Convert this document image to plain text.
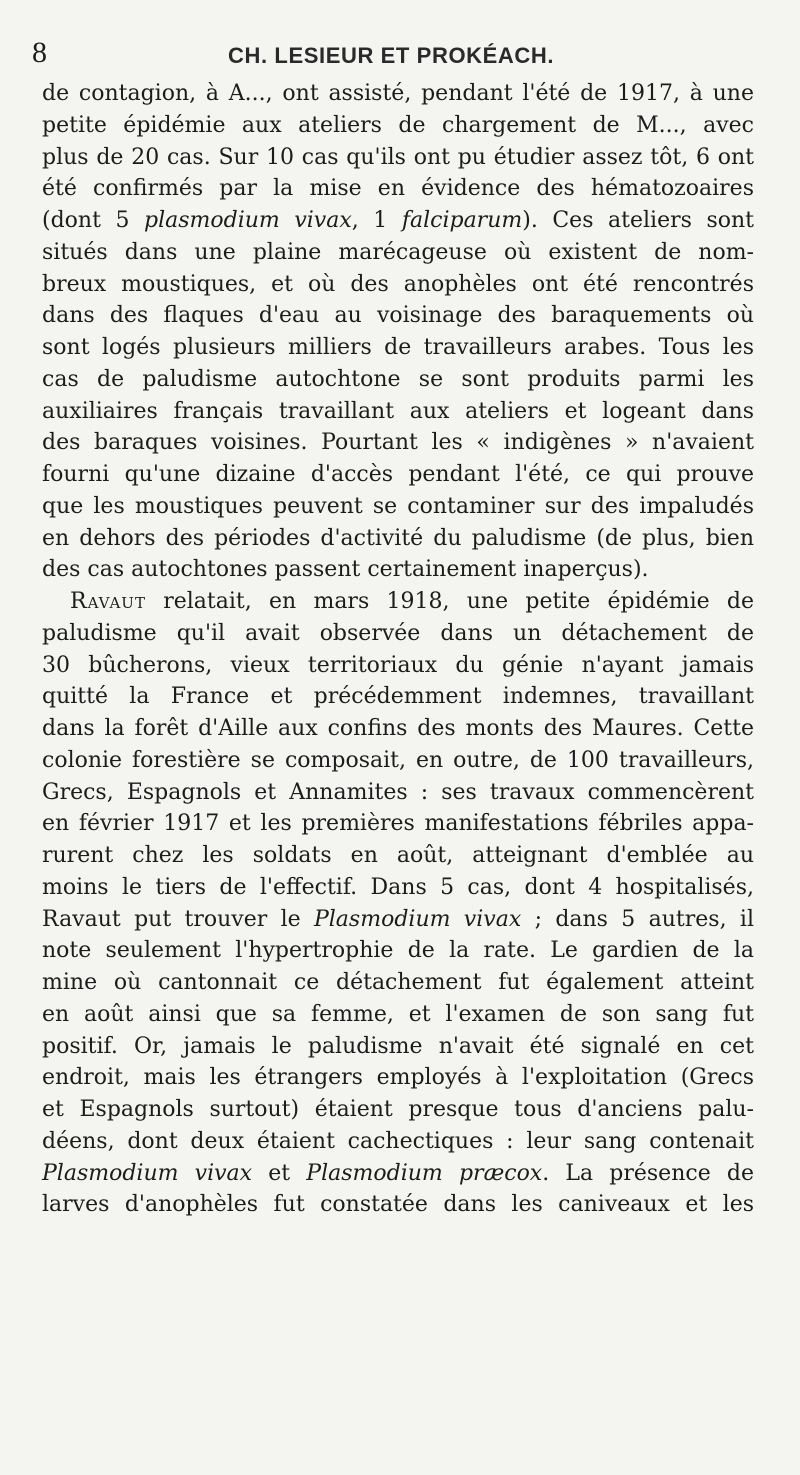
8	CH. LESIEUR ET PROKÉACH.

de contagion, à A..., ont assisté, pendant l'été de 1917, à une
petite épidémie aux ateliers de chargement de M..., avec
plus de 20 cas. Sur 10 cas qu'ils ont pu étudier assez tôt, 6 ont
été confirmés par la mise en évidence des hématozoaires
(dont 5 plasmodium vivax, 1 falciparum). Ces ateliers sont
situés dans une plaine marécageuse où existent de nom-
breux moustiques, et où des anophèles ont été rencontrés
dans des flaques d'eau au voisinage des baraquements où
sont logés plusieurs milliers de travailleurs arabes. Tous les
cas de paludisme autochtone se sont produits parmi les
auxiliaires français travaillant aux ateliers et logeant dans
des baraques voisines. Pourtant les « indigènes » n'avaient
fourni qu'une dizaine d'accès pendant l'été, ce qui prouve
que les moustiques peuvent se contaminer sur des impaludés
en dehors des périodes d'activité du paludisme (de plus, bien
des cas autochtones passent certainement inaperçus).

Ravaut relatait, en mars 1918, une petite épidémie de
paludisme qu'il avait observée dans un détachement de
30 bûcherons, vieux territoriaux du génie n'ayant jamais
quitté la France et précédemment indemnes, travaillant
dans la forêt d'Aille aux confins des monts des Maures. Cette
colonie forestière se composait, en outre, de 100 travailleurs,
Grecs, Espagnols et Annamites : ses travaux commencèrent
en février 1917 et les premières manifestations fébriles appa-
rurent chez les soldats en août, atteignant d'emblée au
moins le tiers de l'effectif. Dans 5 cas, dont 4 hospitalisés,
Ravaut put trouver le Plasmodium vivax ; dans 5 autres, il
note seulement l'hypertrophie de la rate. Le gardien de la
mine où cantonnait ce détachement fut également atteint
en août ainsi que sa femme, et l'examen de son sang fut
positif. Or, jamais le paludisme n'avait été signalé en cet
endroit, mais les étrangers employés à l'exploitation (Grecs
et Espagnols surtout) étaient presque tous d'anciens palu-
déens, dont deux étaient cachectiques : leur sang contenait
Plasmodium vivax et Plasmodium præcox. La présence de
larves d'anophèles fut constatée dans les caniveaux et les
